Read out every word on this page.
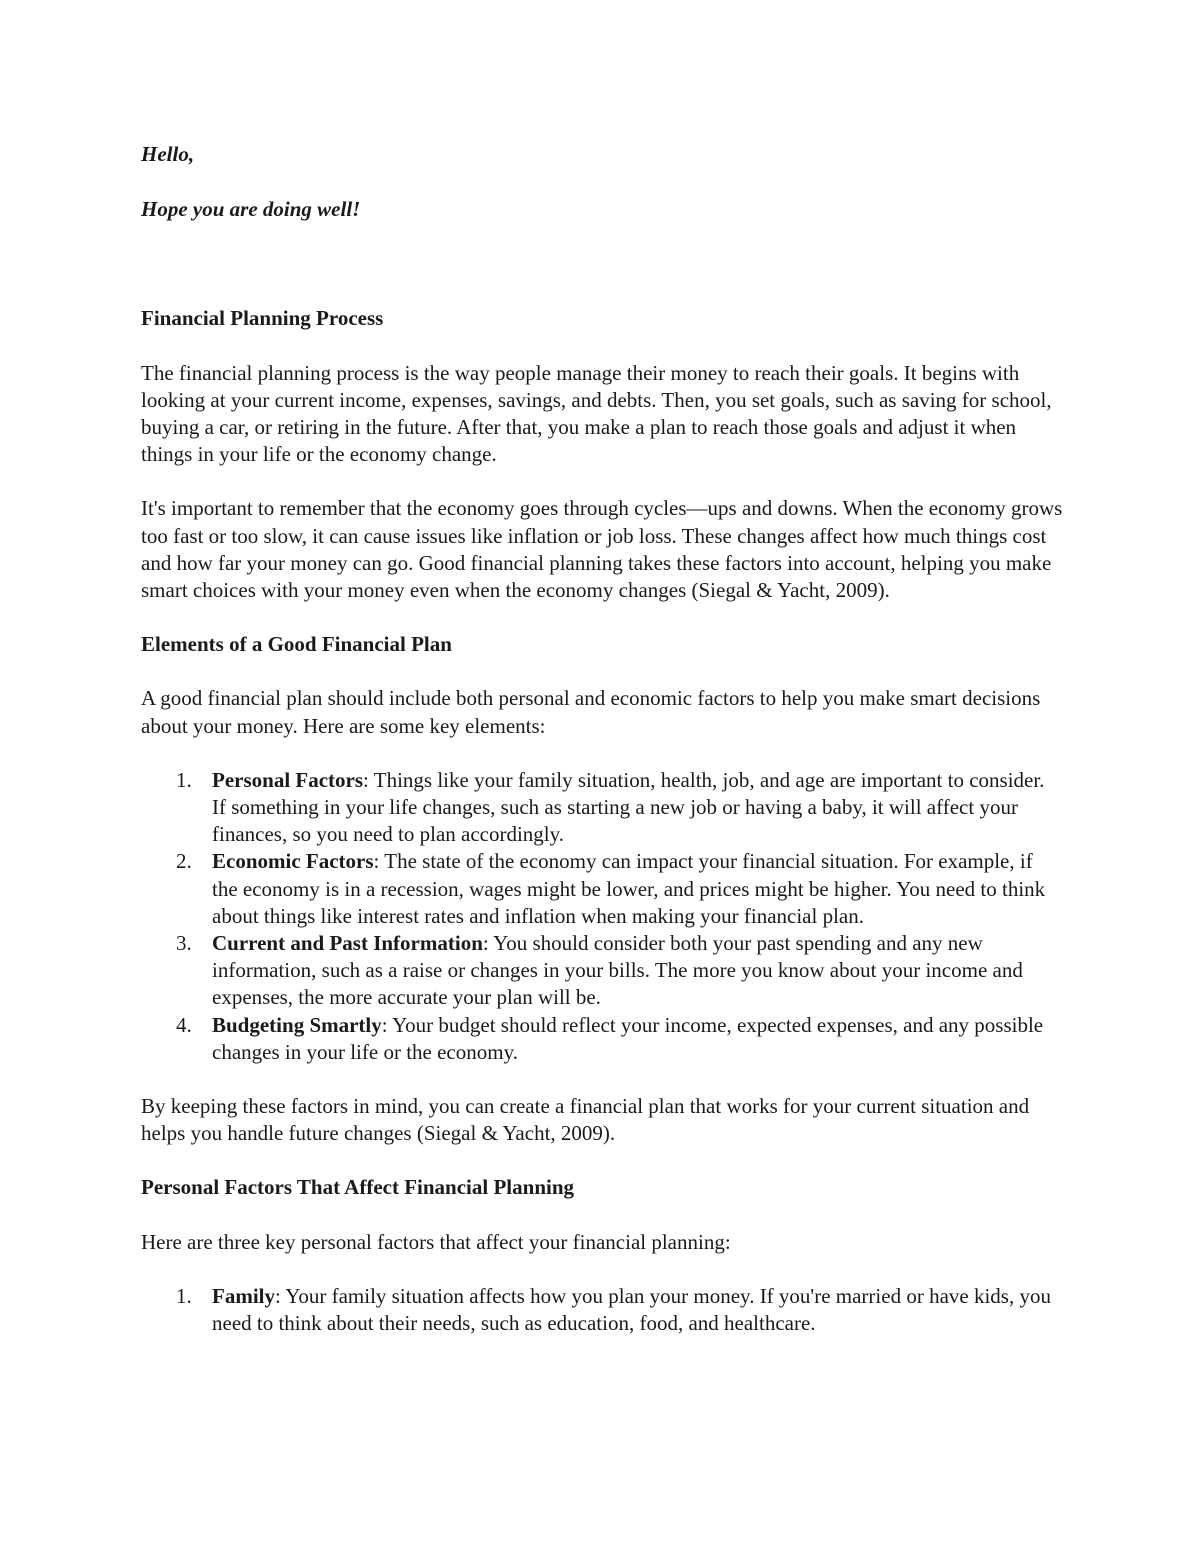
Hello,

Hope you are doing well!

Financial Planning Process

The financial planning process is the way people manage their money to reach their goals. It begins with looking at your current income, expenses, savings, and debts. Then, you set goals, such as saving for school, buying a car, or retiring in the future. After that, you make a plan to reach those goals and adjust it when things in your life or the economy change.

It's important to remember that the economy goes through cycles—ups and downs. When the economy grows too fast or too slow, it can cause issues like inflation or job loss. These changes affect how much things cost and how far your money can go. Good financial planning takes these factors into account, helping you make smart choices with your money even when the economy changes (Siegal & Yacht, 2009).

Elements of a Good Financial Plan

A good financial plan should include both personal and economic factors to help you make smart decisions about your money. Here are some key elements:

1. Personal Factors: Things like your family situation, health, job, and age are important to consider. If something in your life changes, such as starting a new job or having a baby, it will affect your finances, so you need to plan accordingly.
2. Economic Factors: The state of the economy can impact your financial situation. For example, if the economy is in a recession, wages might be lower, and prices might be higher. You need to think about things like interest rates and inflation when making your financial plan.
3. Current and Past Information: You should consider both your past spending and any new information, such as a raise or changes in your bills. The more you know about your income and expenses, the more accurate your plan will be.
4. Budgeting Smartly: Your budget should reflect your income, expected expenses, and any possible changes in your life or the economy.

By keeping these factors in mind, you can create a financial plan that works for your current situation and helps you handle future changes (Siegal & Yacht, 2009).

Personal Factors That Affect Financial Planning

Here are three key personal factors that affect your financial planning:

1. Family: Your family situation affects how you plan your money. If you're married or have kids, you need to think about their needs, such as education, food, and healthcare.
